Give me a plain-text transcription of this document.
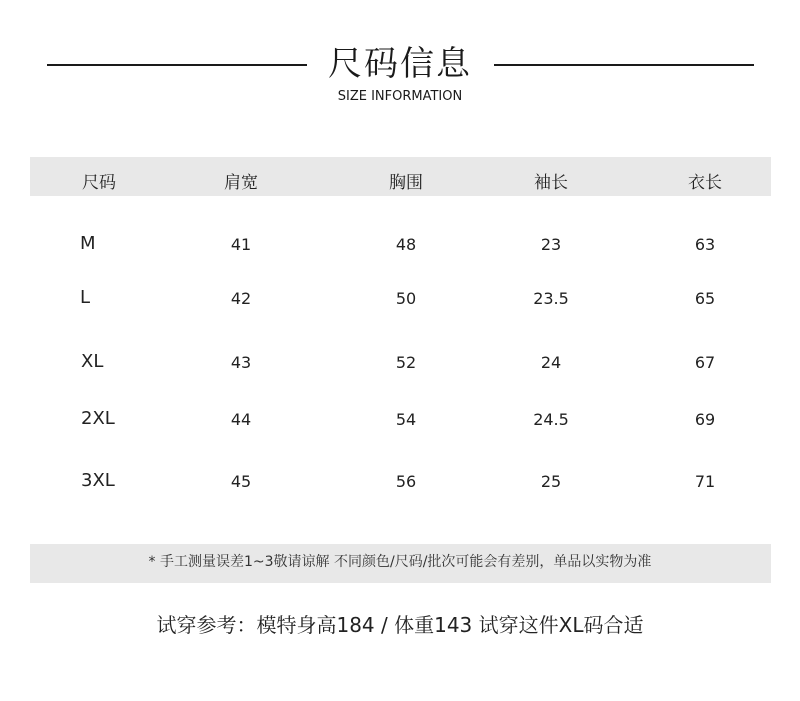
尺码信息
SIZE INFORMATION
尺码	肩宽	胸围	袖长	衣长
M	41	48	23	63
L	42	50	23.5	65
XL	43	52	24	67
2XL	44	54	24.5	69
3XL	45	56	25	71
* 手工测量误差1~3敬请谅解 不同颜色/尺码/批次可能会有差别，单品以实物为准
试穿参考：模特身高184 / 体重143 试穿这件XL码合适
